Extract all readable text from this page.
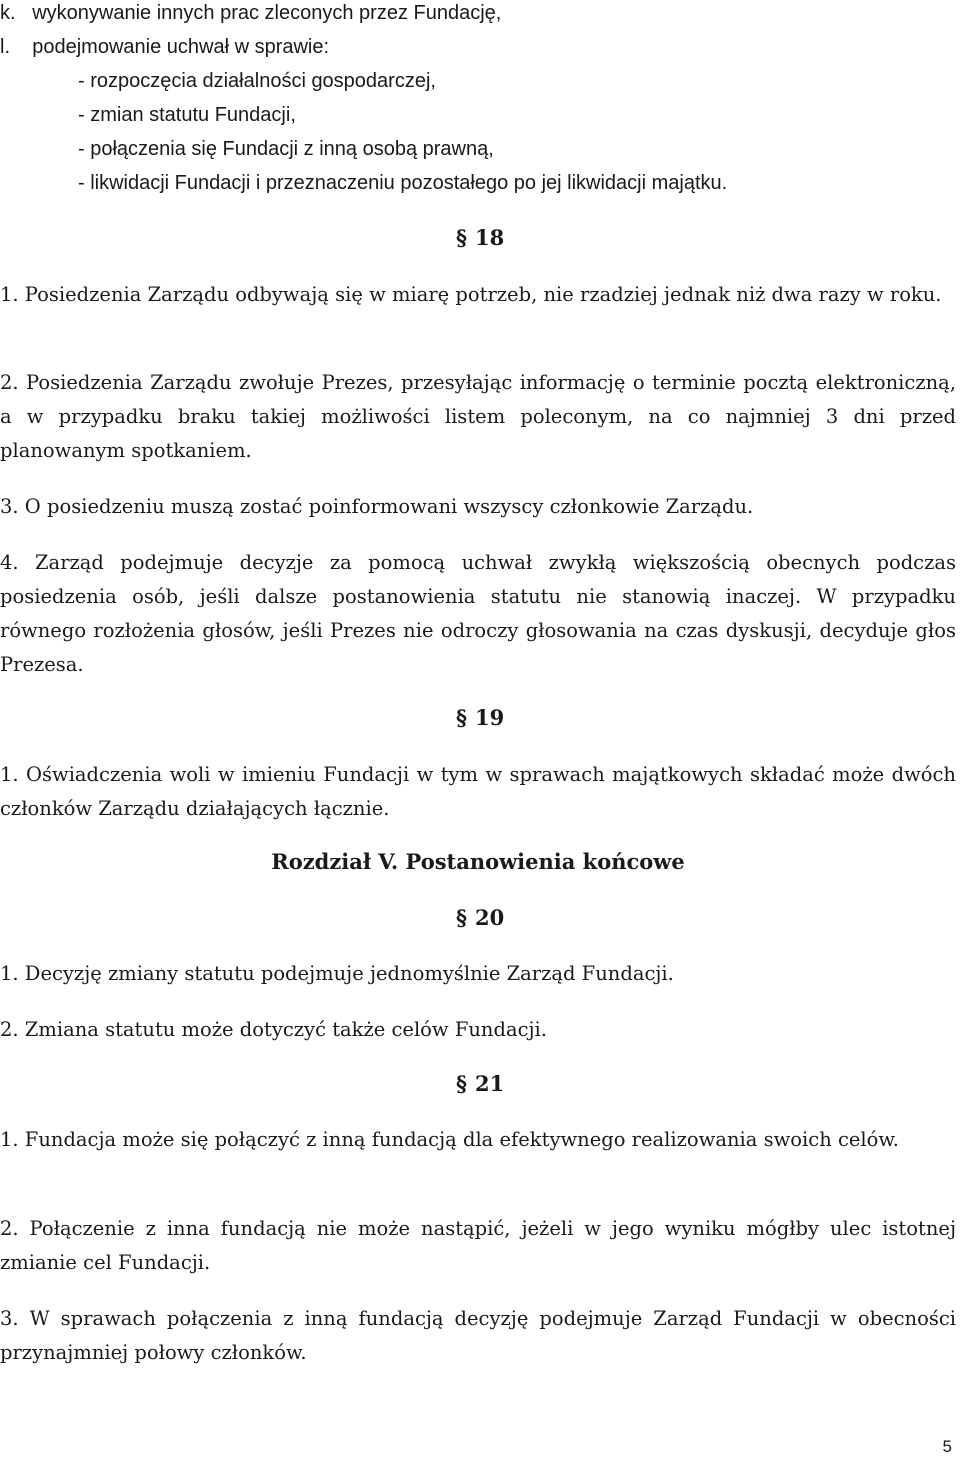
k.   wykonywanie innych prac zleconych przez Fundację,
l.    podejmowanie uchwał w sprawie:
- rozpoczęcia działalności gospodarczej,
- zmian statutu Fundacji,
- połączenia się Fundacji z inną osobą prawną,
- likwidacji Fundacji i przeznaczeniu pozostałego po jej likwidacji majątku.
§ 18

1. Posiedzenia Zarządu odbywają się w miarę potrzeb, nie rzadziej jednak niż dwa razy w roku.

2. Posiedzenia Zarządu zwołuje Prezes, przesyłając informację o terminie pocztą elektroniczną, a w przypadku braku takiej możliwości listem poleconym, na co najmniej 3 dni przed planowanym spotkaniem.

3. O posiedzeniu muszą zostać poinformowani wszyscy członkowie Zarządu.

4. Zarząd podejmuje decyzje za pomocą uchwał zwykłą większością obecnych podczas posiedzenia osób, jeśli dalsze postanowienia statutu nie stanowią inaczej. W przypadku równego rozłożenia głosów, jeśli Prezes nie odroczy głosowania na czas dyskusji, decyduje głos Prezesa.

§ 19

1. Oświadczenia woli w imieniu Fundacji w tym w sprawach majątkowych składać może dwóch członków Zarządu działających łącznie.

Rozdział V. Postanowienia końcowe
§ 20

1. Decyzję zmiany statutu podejmuje jednomyślnie Zarząd Fundacji.

2. Zmiana statutu może dotyczyć także celów Fundacji.

§ 21

1. Fundacja może się połączyć z inną fundacją dla efektywnego realizowania swoich celów.

2. Połączenie z inna fundacją nie może nastąpić, jeżeli w jego wyniku mógłby ulec istotnej zmianie cel Fundacji.

3. W sprawach połączenia z inną fundacją decyzję podejmuje Zarząd Fundacji w obecności przynajmniej połowy członków.

5
